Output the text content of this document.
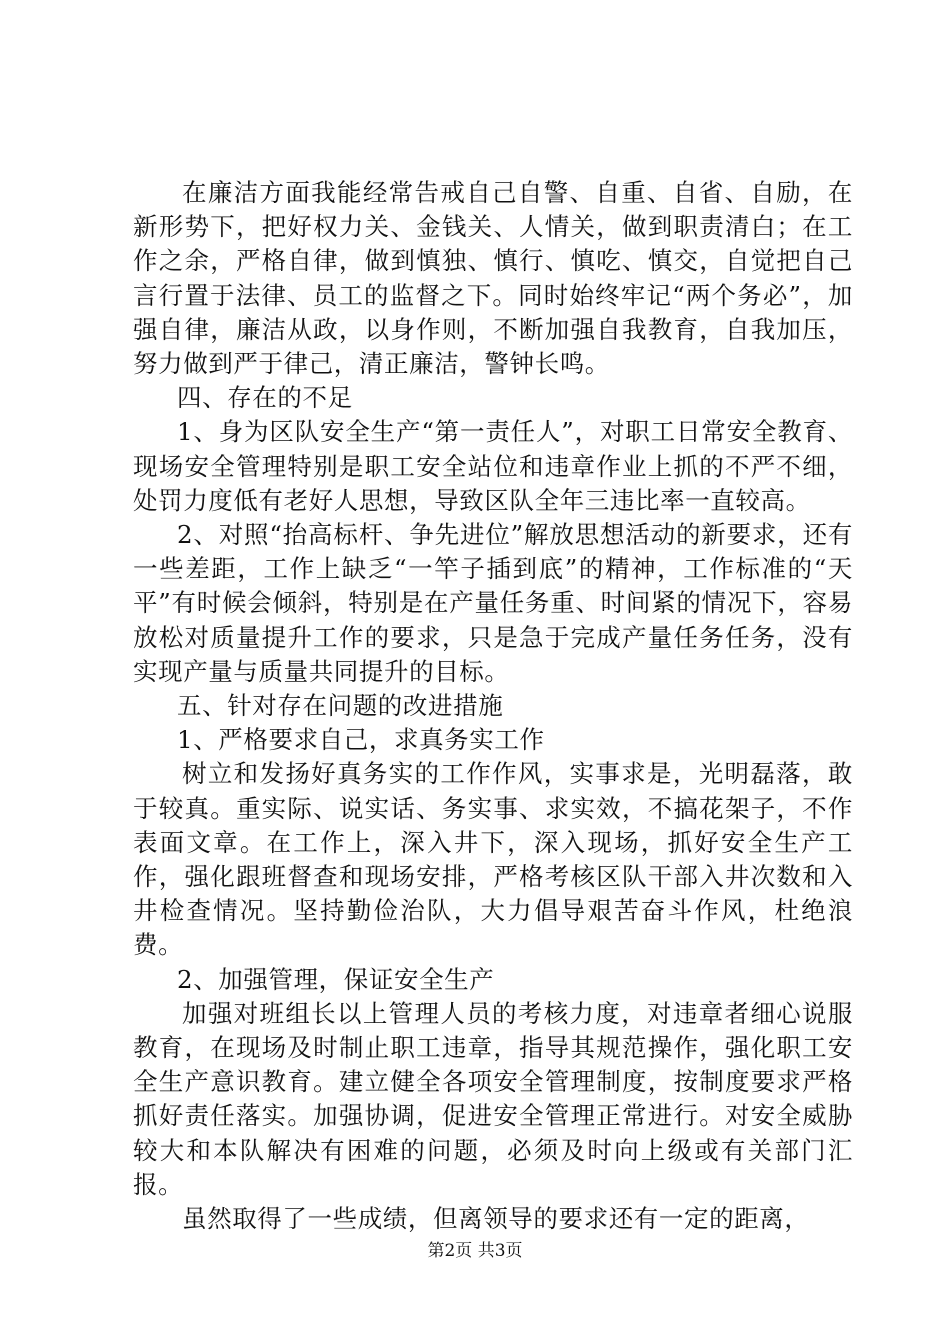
在廉洁方面我能经常告戒自己自警、自重、自省、自励，在新形势下，把好权力关、金钱关、人情关，做到职责清白；在工作之余，严格自律，做到慎独、慎行、慎吃、慎交，自觉把自己言行置于法律、员工的监督之下。同时始终牢记“两个务必”，加强自律，廉洁从政，以身作则，不断加强自我教育，自我加压，努力做到严于律己，清正廉洁，警钟长鸣。

四、存在的不足

1、身为区队安全生产“第一责任人”，对职工日常安全教育、现场安全管理特别是职工安全站位和违章作业上抓的不严不细，处罚力度低有老好人思想，导致区队全年三违比率一直较高。

2、对照“抬高标杆、争先进位”解放思想活动的新要求，还有一些差距，工作上缺乏“一竿子插到底”的精神，工作标准的“天平”有时候会倾斜，特别是在产量任务重、时间紧的情况下，容易放松对质量提升工作的要求，只是急于完成产量任务任务，没有实现产量与质量共同提升的目标。

五、针对存在问题的改进措施

1、严格要求自己，求真务实工作

树立和发扬好真务实的工作作风，实事求是，光明磊落，敢于较真。重实际、说实话、务实事、求实效，不搞花架子，不作表面文章。在工作上，深入井下，深入现场，抓好安全生产工作，强化跟班督查和现场安排，严格考核区队干部入井次数和入井检查情况。坚持勤俭治队，大力倡导艰苦奋斗作风，杜绝浪费。

2、加强管理，保证安全生产

加强对班组长以上管理人员的考核力度，对违章者细心说服教育，在现场及时制止职工违章，指导其规范操作，强化职工安全生产意识教育。建立健全各项安全管理制度，按制度要求严格抓好责任落实。加强协调，促进安全管理正常进行。对安全威胁较大和本队解决有困难的问题，必须及时向上级或有关部门汇报。

虽然取得了一些成绩，但离领导的要求还有一定的距离，

第2页 共3页
